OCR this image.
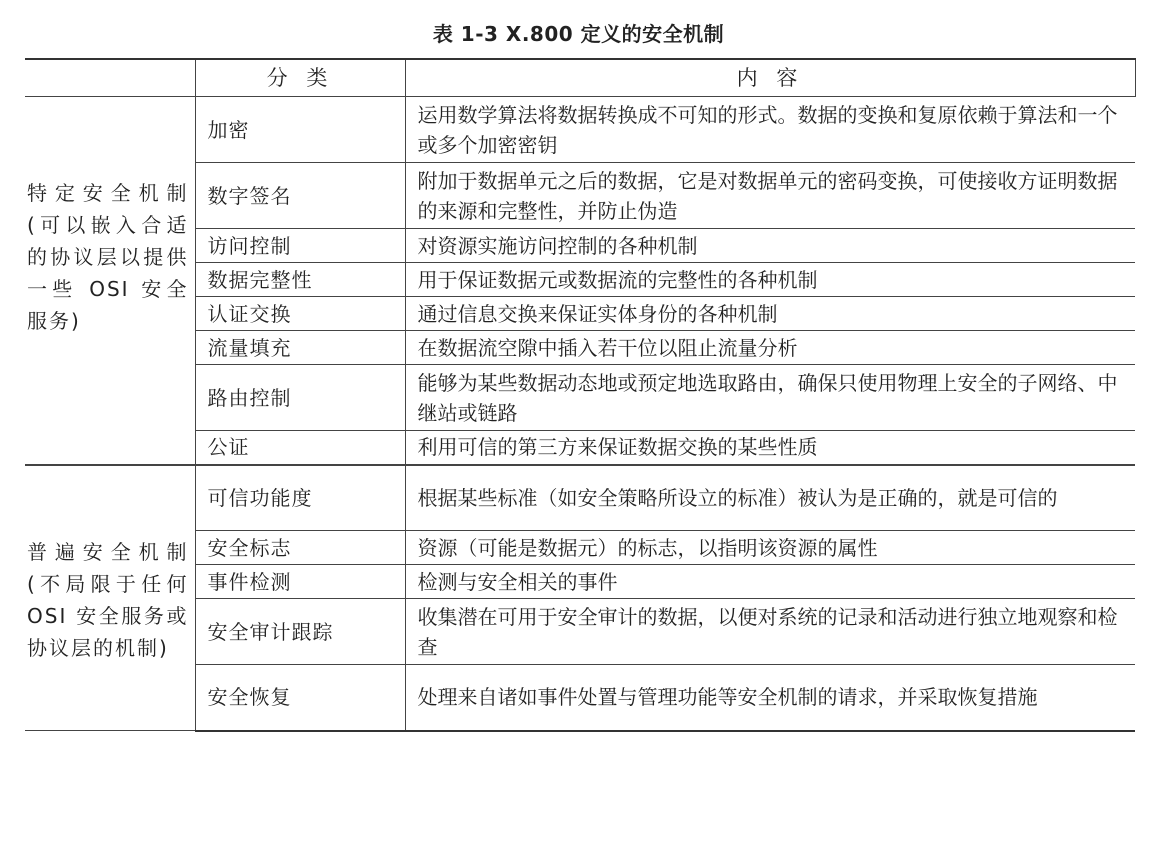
表 1-3 X.800 定义的安全机制
	分 类	内 容

特定安全机制(可以嵌入合适的协议层以提供一些 OSI 安全服务)	加密	运用数学算法将数据转换成不可知的形式。数据的变换和复原依赖于算法和一个或多个加密密钥
	数字签名	附加于数据单元之后的数据，它是对数据单元的密码变换，可使接收方证明数据的来源和完整性，并防止伪造
	访问控制	对资源实施访问控制的各种机制
	数据完整性	用于保证数据元或数据流的完整性的各种机制
	认证交换	通过信息交换来保证实体身份的各种机制
	流量填充	在数据流空隙中插入若干位以阻止流量分析
	路由控制	能够为某些数据动态地或预定地选取路由，确保只使用物理上安全的子网络、中继站或链路
	公证	利用可信的第三方来保证数据交换的某些性质

普遍安全机制(不局限于任何 OSI 安全服务或协议层的机制)	可信功能度	根据某些标准（如安全策略所设立的标准）被认为是正确的，就是可信的
	安全标志	资源（可能是数据元）的标志，以指明该资源的属性
	事件检测	检测与安全相关的事件
	安全审计跟踪	收集潜在可用于安全审计的数据，以便对系统的记录和活动进行独立地观察和检查
	安全恢复	处理来自诸如事件处置与管理功能等安全机制的请求，并采取恢复措施
